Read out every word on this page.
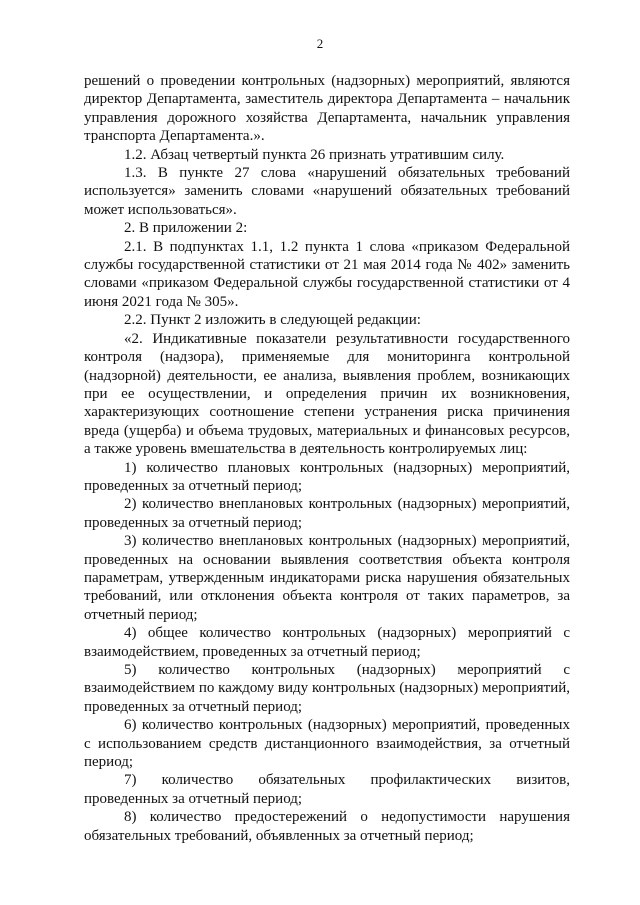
2

решений о проведении контрольных (надзорных) мероприятий, являются директор Департамента, заместитель директора Департамента – начальник управления дорожного хозяйства Департамента, начальник управления транспорта Департамента.».

1.2. Абзац четвертый пункта 26 признать утратившим силу.

1.3. В пункте 27 слова «нарушений обязательных требований используется» заменить словами «нарушений обязательных требований может использоваться».

2. В приложении 2:

2.1. В подпунктах 1.1, 1.2 пункта 1 слова «приказом Федеральной службы государственной статистики от 21 мая 2014 года № 402» заменить словами «приказом Федеральной службы государственной статистики от 4 июня 2021 года № 305».

2.2. Пункт 2 изложить в следующей редакции:

«2. Индикативные показатели результативности государственного контроля (надзора), применяемые для мониторинга контрольной (надзорной) деятельности, ее анализа, выявления проблем, возникающих при ее осуществлении, и определения причин их возникновения, характеризующих соотношение степени устранения риска причинения вреда (ущерба) и объема трудовых, материальных и финансовых ресурсов, а также уровень вмешательства в деятельность контролируемых лиц:

1) количество плановых контрольных (надзорных) мероприятий, проведенных за отчетный период;

2) количество внеплановых контрольных (надзорных) мероприятий, проведенных за отчетный период;

3) количество внеплановых контрольных (надзорных) мероприятий, проведенных на основании выявления соответствия объекта контроля параметрам, утвержденным индикаторами риска нарушения обязательных требований, или отклонения объекта контроля от таких параметров, за отчетный период;

4) общее количество контрольных (надзорных) мероприятий с взаимодействием, проведенных за отчетный период;

5) количество контрольных (надзорных) мероприятий с взаимодействием по каждому виду контрольных (надзорных) мероприятий, проведенных за отчетный период;

6) количество контрольных (надзорных) мероприятий, проведенных с использованием средств дистанционного взаимодействия, за отчетный период;

7) количество обязательных профилактических визитов, проведенных за отчетный период;

8) количество предостережений о недопустимости нарушения обязательных требований, объявленных за отчетный период;
